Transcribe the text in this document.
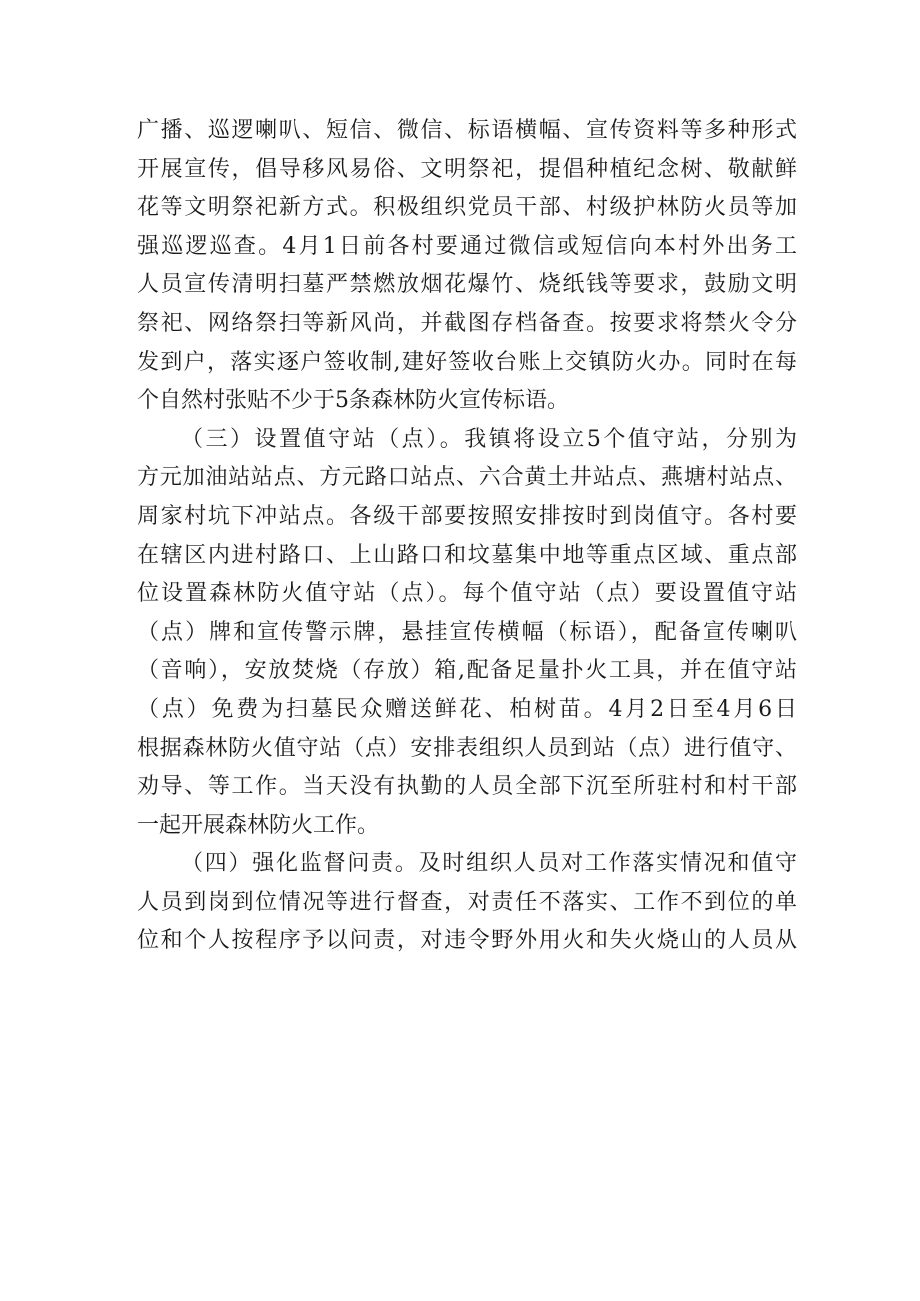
广播、巡逻喇叭、短信、微信、标语横幅、宣传资料等多种形式
开展宣传，倡导移风易俗、文明祭祀，提倡种植纪念树、敬献鲜
花等文明祭祀新方式。积极组织党员干部、村级护林防火员等加
强巡逻巡查。4月1日前各村要通过微信或短信向本村外出务工
人员宣传清明扫墓严禁燃放烟花爆竹、烧纸钱等要求，鼓励文明
祭祀、网络祭扫等新风尚，并截图存档备查。按要求将禁火令分
发到户，落实逐户签收制,建好签收台账上交镇防火办。同时在每
个自然村张贴不少于5条森林防火宣传标语。
（三）设置值守站（点）。我镇将设立5个值守站，分别为
方元加油站站点、方元路口站点、六合黄土井站点、燕塘村站点、
周家村坑下冲站点。各级干部要按照安排按时到岗值守。各村要
在辖区内进村路口、上山路口和坟墓集中地等重点区域、重点部
位设置森林防火值守站（点）。每个值守站（点）要设置值守站
（点）牌和宣传警示牌，悬挂宣传横幅（标语），配备宣传喇叭
（音响），安放焚烧（存放）箱,配备足量扑火工具，并在值守站
（点）免费为扫墓民众赠送鲜花、柏树苗。4月2日至4月6日
根据森林防火值守站（点）安排表组织人员到站（点）进行值守、
劝导、等工作。当天没有执勤的人员全部下沉至所驻村和村干部
一起开展森林防火工作。
（四）强化监督问责。及时组织人员对工作落实情况和值守
人员到岗到位情况等进行督查，对责任不落实、工作不到位的单
位和个人按程序予以问责，对违令野外用火和失火烧山的人员从
